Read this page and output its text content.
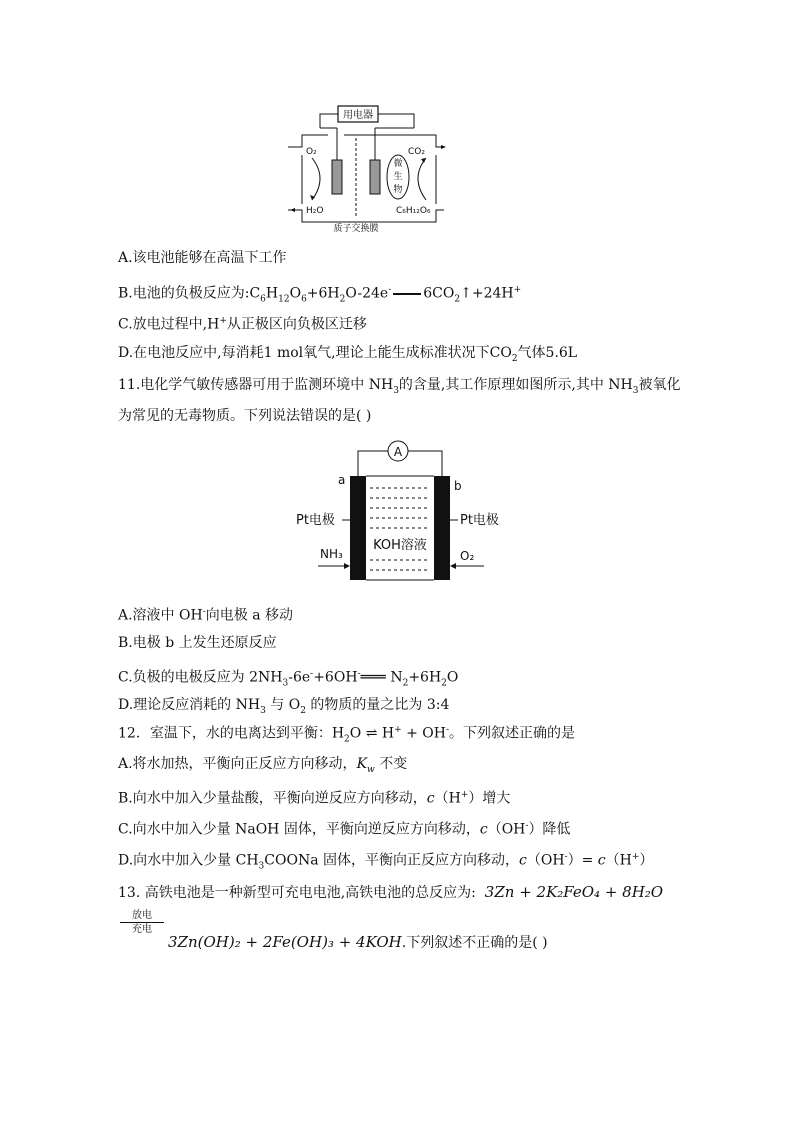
用电器
微
生
物
O₂
H₂O
CO₂
C₆H₁₂O₆
质子交换膜
A.该电池能够在高温下工作
B.电池的负极反应为$:C_6H_{12}O_6+6H_2O-24e^-$ $6CO_2↑+24H^+$
C.放电过程中,H+从正极区向负极区迁移
D.在电池反应中,每消耗1 mol氧气,理论上能生成标准状况下$CO_2$气体5.6L
11.电化学气敏传感器可用于监测环境中 $NH_3$的含量,其工作原理如图所示,其中 $NH_3$被氧化
为常见的无毒物质。下列说法错误的是( )
A
a	b
Pt电极	Pt电极
KOH溶液
NH₃	O₂
A.溶液中 OH-向电极 a 移动
B.电极 b 上发生还原反应
C.负极的电极反应为 $2NH_3-6e^-+6OH^-═══$ $N_2+6H_2O$
D.理论反应消耗的 $NH_3$ 与 $O_2$ 的物质的量之比为 3:4
12．室温下，水的电离达到平衡：$H_2O$ ⇌ H+ + OH-。下列叙述正确的是
A.将水加热，平衡向正反应方向移动，$K_w$ 不变
B.向水中加入少量盐酸，平衡向逆反应方向移动，c（H+）增大
C.向水中加入少量 NaOH 固体，平衡向逆反应方向移动，c（OH-）降低
D.向水中加入少量 $CH_3COONa$ 固体，平衡向正反应方向移动，c（OH-）= c（H+）
13. 高铁电池是一种新型可充电电池,高铁电池的总反应为: 3Zn + 2K₂FeO₄ + 8H₂O
放电
充电
3Zn(OH)₂ + 2Fe(OH)₃ + 4KOH.下列叙述不正确的是( )
